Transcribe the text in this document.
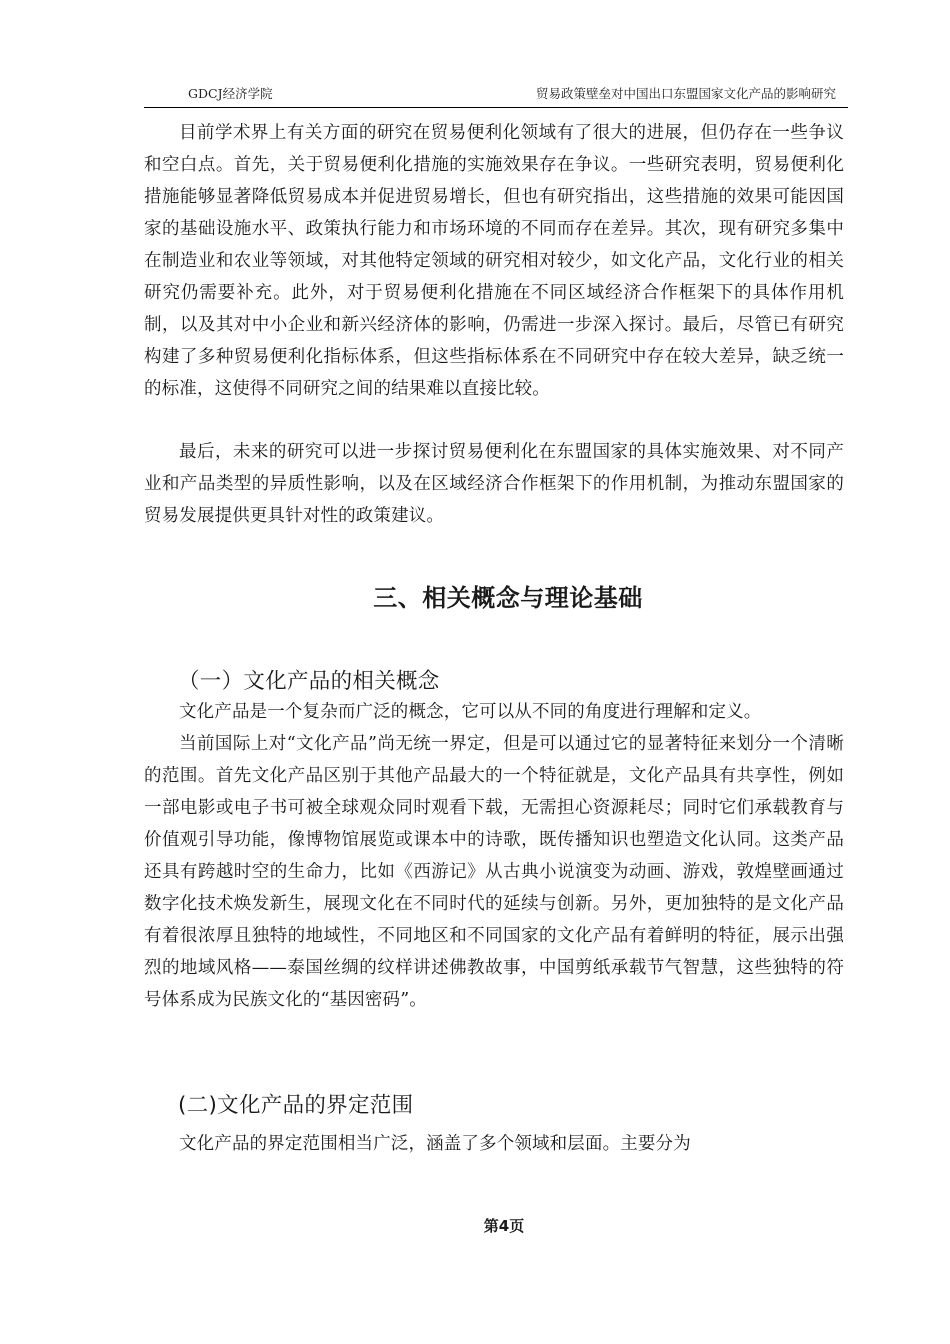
GDCJ经济学院	贸易政策壁垒对中国出口东盟国家文化产品的影响研究
目前学术界上有关方面的研究在贸易便利化领域有了很大的进展，但仍存在一些争议和空白点。首先，关于贸易便利化措施的实施效果存在争议。一些研究表明，贸易便利化措施能够显著降低贸易成本并促进贸易增长，但也有研究指出，这些措施的效果可能因国家的基础设施水平、政策执行能力和市场环境的不同而存在差异。其次，现有研究多集中在制造业和农业等领域，对其他特定领域的研究相对较少，如文化产品，文化行业的相关研究仍需要补充。此外，对于贸易便利化措施在不同区域经济合作框架下的具体作用机制，以及其对中小企业和新兴经济体的影响，仍需进一步深入探讨。最后，尽管已有研究构建了多种贸易便利化指标体系，但这些指标体系在不同研究中存在较大差异，缺乏统一的标准，这使得不同研究之间的结果难以直接比较。
最后，未来的研究可以进一步探讨贸易便利化在东盟国家的具体实施效果、对不同产业和产品类型的异质性影响，以及在区域经济合作框架下的作用机制，为推动东盟国家的贸易发展提供更具针对性的政策建议。
三、相关概念与理论基础
（一）文化产品的相关概念
文化产品是一个复杂而广泛的概念，它可以从不同的角度进行理解和定义。
当前国际上对“文化产品”尚无统一界定，但是可以通过它的显著特征来划分一个清晰的范围。首先文化产品区别于其他产品最大的一个特征就是，文化产品具有共享性，例如一部电影或电子书可被全球观众同时观看下载，无需担心资源耗尽；同时它们承载教育与价值观引导功能，像博物馆展览或课本中的诗歌，既传播知识也塑造文化认同。这类产品还具有跨越时空的生命力，比如《西游记》从古典小说演变为动画、游戏，敦煌壁画通过数字化技术焕发新生，展现文化在不同时代的延续与创新。另外，更加独特的是文化产品有着很浓厚且独特的地域性，不同地区和不同国家的文化产品有着鲜明的特征，展示出强烈的地域风格——泰国丝绸的纹样讲述佛教故事，中国剪纸承载节气智慧，这些独特的符号体系成为民族文化的“基因密码”。
(二)文化产品的界定范围
文化产品的界定范围相当广泛，涵盖了多个领域和层面。主要分为
第4页
